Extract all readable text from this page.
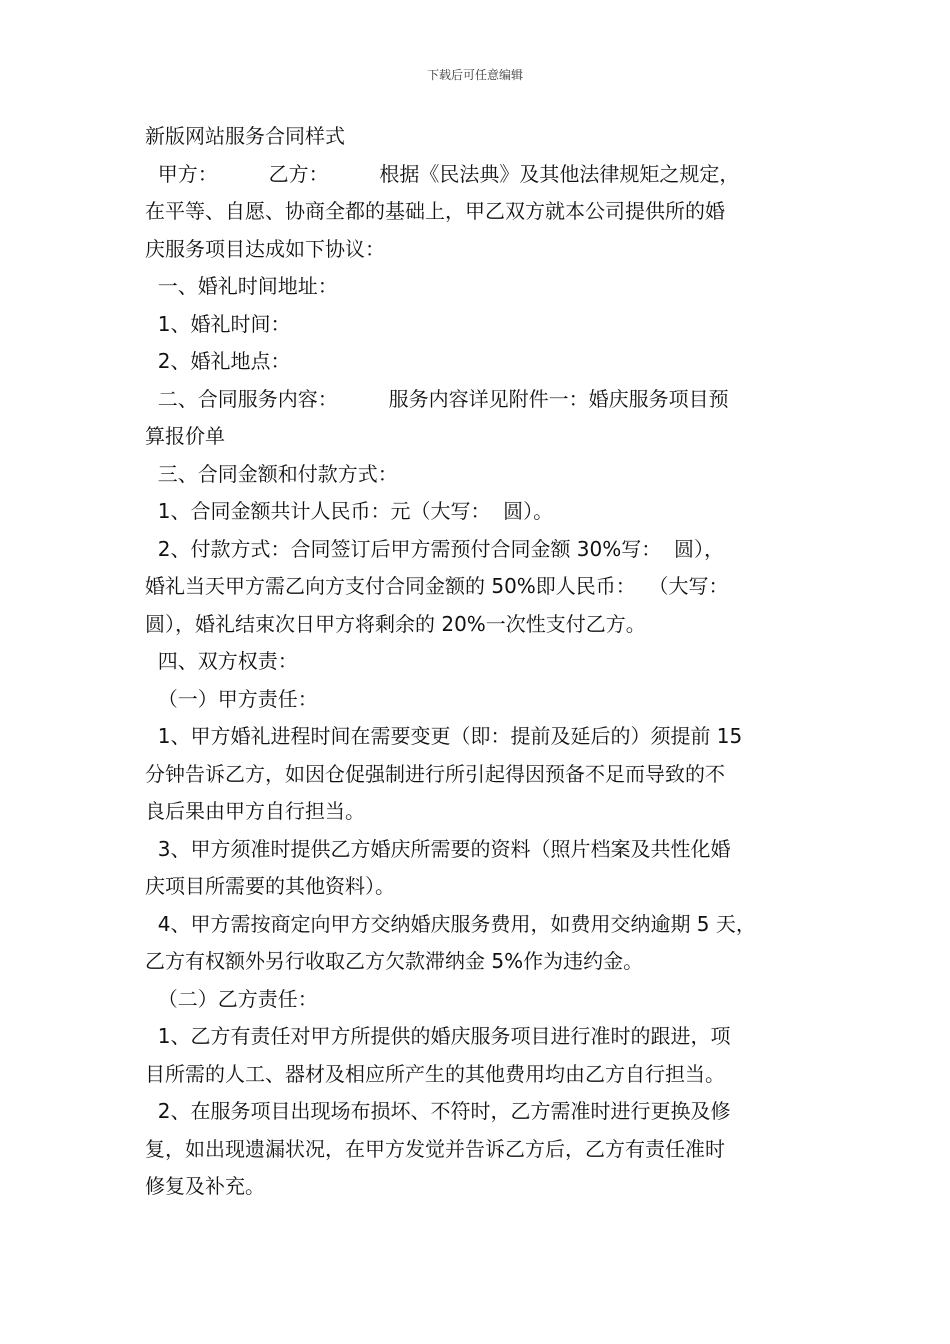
下载后可任意编辑
新版网站服务合同样式
甲方：        乙方：        根据《民法典》及其他法律规矩之规定，
在平等、自愿、协商全都的基础上，甲乙双方就本公司提供所的婚
庆服务项目达成如下协议：
一、婚礼时间地址：
1、婚礼时间：
2、婚礼地点：
二、合同服务内容：        服务内容详见附件一：婚庆服务项目预
算报价单
三、合同金额和付款方式：
1、合同金额共计人民币：元（大写：  圆）。
2、付款方式：合同签订后甲方需预付合同金额 30%写：  圆），
婚礼当天甲方需乙向方支付合同金额的 50%即人民币：  （大写：
圆），婚礼结束次日甲方将剩余的 20%一次性支付乙方。
四、双方权责：
（一）甲方责任：
1、甲方婚礼进程时间在需要变更（即：提前及延后的）须提前 15
分钟告诉乙方，如因仓促强制进行所引起得因预备不足而导致的不
良后果由甲方自行担当。
3、甲方须准时提供乙方婚庆所需要的资料（照片档案及共性化婚
庆项目所需要的其他资料）。
4、甲方需按商定向甲方交纳婚庆服务费用，如费用交纳逾期 5 天，
乙方有权额外另行收取乙方欠款滞纳金 5%作为违约金。
（二）乙方责任：
1、乙方有责任对甲方所提供的婚庆服务项目进行准时的跟进，项
目所需的人工、器材及相应所产生的其他费用均由乙方自行担当。
2、在服务项目出现场布损坏、不符时，乙方需准时进行更换及修
复，如出现遗漏状况，在甲方发觉并告诉乙方后，乙方有责任准时
修复及补充。
